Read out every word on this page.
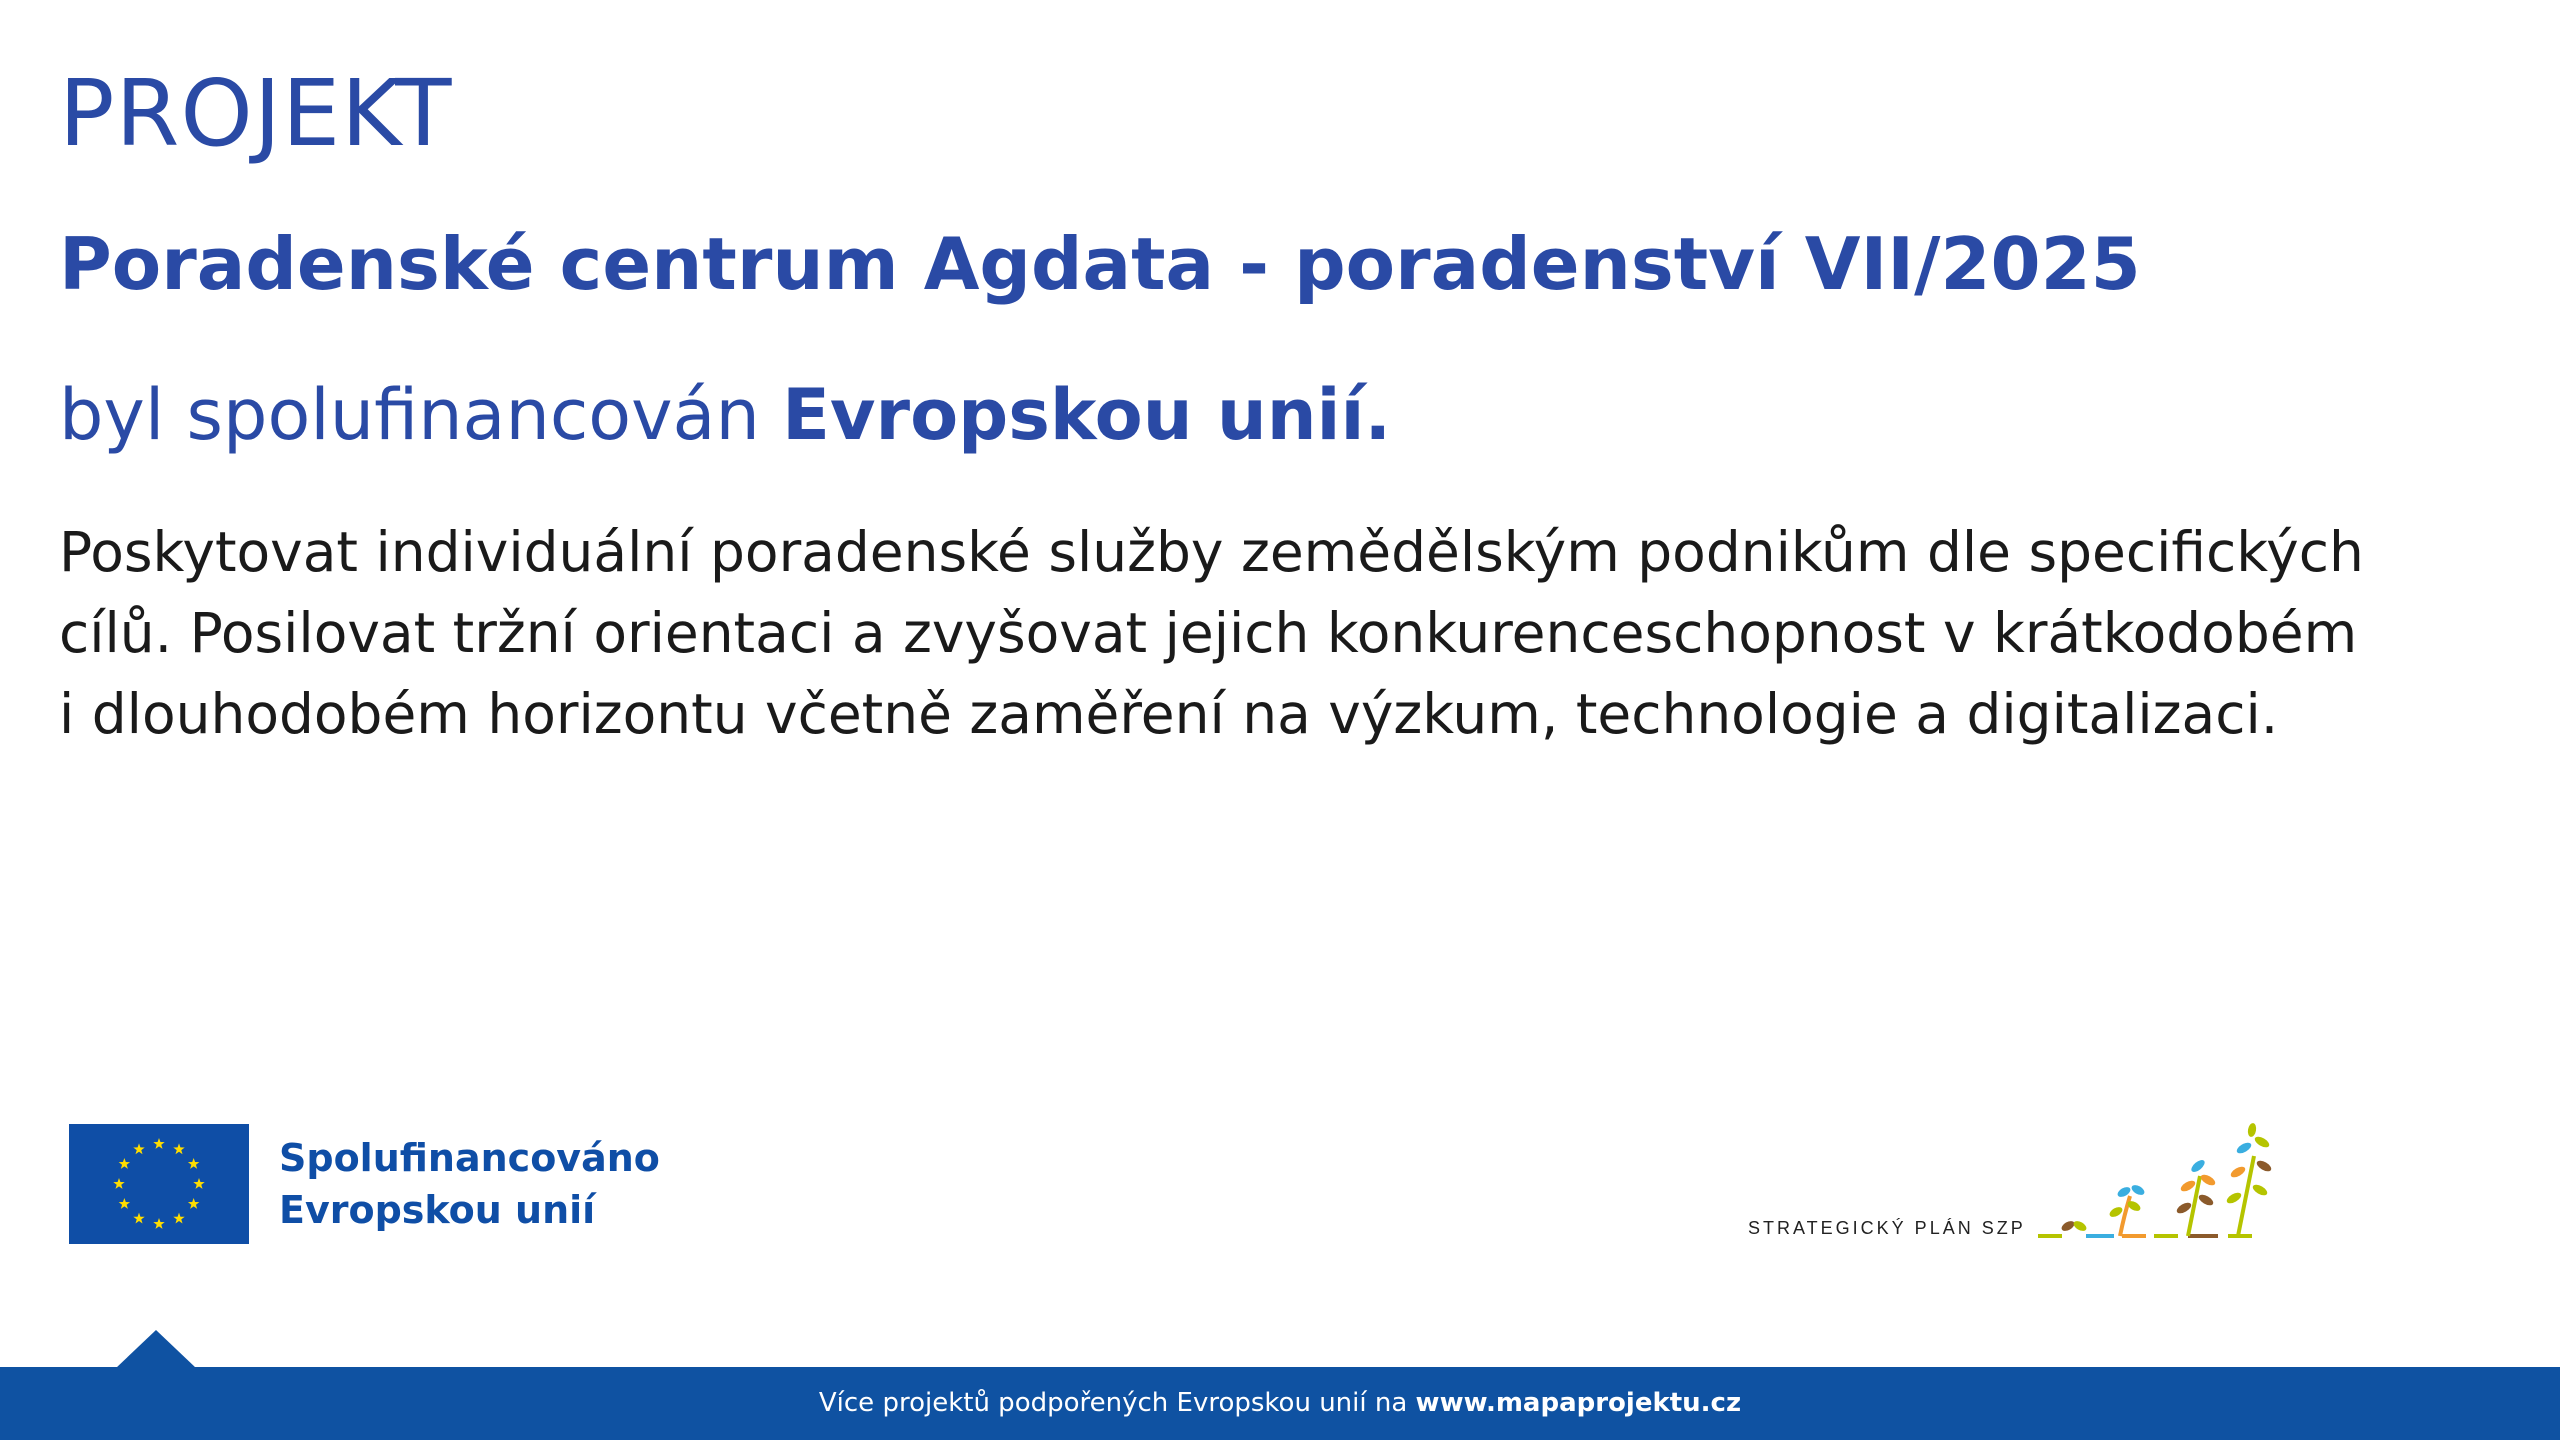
PROJEKT
Poradenské centrum Agdata - poradenství VII/2025
byl spolufinancován Evropskou unií.
Poskytovat individuální poradenské služby zemědělským podnikům dle specifických
cílů. Posilovat tržní orientaci a zvyšovat jejich konkurenceschopnost v krátkodobém
i dlouhodobém horizontu včetně zaměření na výzkum, technologie a digitalizaci.
Spolufinancováno
Evropskou unií	STRATEGICKÝ PLÁN SZP
Více projektů podpořených Evropskou unií na www.mapaprojektu.cz
